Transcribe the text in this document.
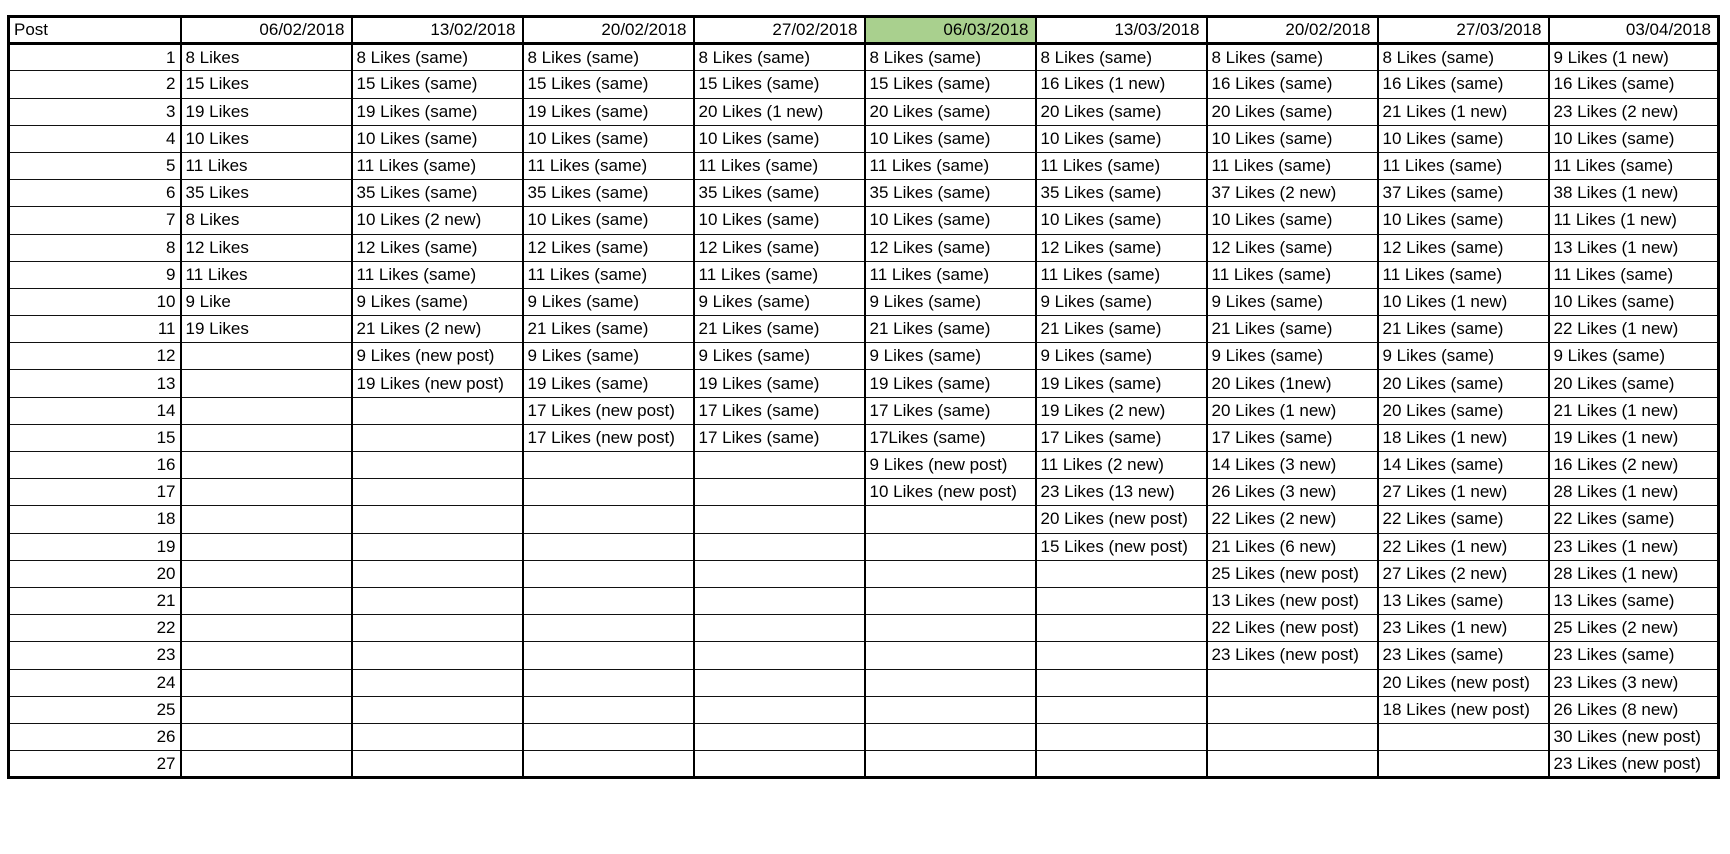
Post	06/02/2018	13/02/2018	20/02/2018	27/02/2018	06/03/2018	13/03/2018	20/02/2018	27/03/2018	03/04/2018
1	8 Likes	8 Likes (same)	8 Likes (same)	8 Likes (same)	8 Likes (same)	8 Likes (same)	8 Likes (same)	8 Likes (same)	9 Likes (1 new)
2	15 Likes	15 Likes (same)	15 Likes (same)	15 Likes (same)	15 Likes (same)	16 Likes (1 new)	16 Likes (same)	16 Likes (same)	16 Likes (same)
3	19 Likes	19 Likes (same)	19 Likes (same)	20 Likes (1 new)	20 Likes (same)	20 Likes (same)	20 Likes (same)	21 Likes (1 new)	23 Likes (2 new)
4	10 Likes	10 Likes (same)	10 Likes (same)	10 Likes (same)	10 Likes (same)	10 Likes (same)	10 Likes (same)	10 Likes (same)	10 Likes (same)
5	11 Likes	11 Likes (same)	11 Likes (same)	11 Likes (same)	11 Likes (same)	11 Likes (same)	11 Likes (same)	11 Likes (same)	11 Likes (same)
6	35 Likes	35 Likes (same)	35 Likes (same)	35 Likes (same)	35 Likes (same)	35 Likes (same)	37 Likes (2 new)	37 Likes (same)	38 Likes (1 new)
7	8 Likes	10 Likes (2 new)	10 Likes (same)	10 Likes (same)	10 Likes (same)	10 Likes (same)	10 Likes (same)	10 Likes (same)	11 Likes (1 new)
8	12 Likes	12 Likes (same)	12 Likes (same)	12 Likes (same)	12 Likes (same)	12 Likes (same)	12 Likes (same)	12 Likes (same)	13 Likes (1 new)
9	11 Likes	11 Likes (same)	11 Likes (same)	11 Likes (same)	11 Likes (same)	11 Likes (same)	11 Likes (same)	11 Likes (same)	11 Likes (same)
10	9 Like	9 Likes (same)	9 Likes (same)	9 Likes (same)	9 Likes (same)	9 Likes (same)	9 Likes (same)	10 Likes (1 new)	10 Likes (same)
11	19 Likes	21 Likes (2 new)	21 Likes (same)	21 Likes (same)	21 Likes (same)	21 Likes (same)	21 Likes (same)	21 Likes (same)	22 Likes (1 new)
12		9 Likes (new post)	9 Likes (same)	9 Likes (same)	9 Likes (same)	9 Likes (same)	9 Likes (same)	9 Likes (same)	9 Likes (same)
13		19 Likes (new post)	19 Likes (same)	19 Likes (same)	19 Likes (same)	19 Likes (same)	20 Likes (1new)	20 Likes (same)	20 Likes (same)
14			17 Likes (new post)	17 Likes (same)	17 Likes (same)	19 Likes (2 new)	20 Likes (1 new)	20 Likes (same)	21 Likes (1 new)
15			17 Likes (new post)	17 Likes (same)	17Likes (same)	17 Likes (same)	17 Likes (same)	18 Likes (1 new)	19 Likes (1 new)
16					9 Likes (new post)	11 Likes (2 new)	14 Likes (3 new)	14 Likes (same)	16 Likes (2 new)
17					10 Likes (new post)	23 Likes (13 new)	26 Likes (3 new)	27 Likes (1 new)	28 Likes (1 new)
18						20 Likes (new post)	22 Likes (2 new)	22 Likes (same)	22 Likes (same)
19						15 Likes (new post)	21 Likes (6 new)	22 Likes (1 new)	23 Likes (1 new)
20							25 Likes (new post)	27 Likes (2 new)	28 Likes (1 new)
21							13 Likes (new post)	13 Likes (same)	13 Likes (same)
22							22 Likes (new post)	23 Likes (1 new)	25 Likes (2 new)
23							23 Likes (new post)	23 Likes (same)	23 Likes (same)
24								20 Likes (new post)	23 Likes (3 new)
25								18 Likes (new post)	26 Likes (8 new)
26									30 Likes (new post)
27									23 Likes (new post)
